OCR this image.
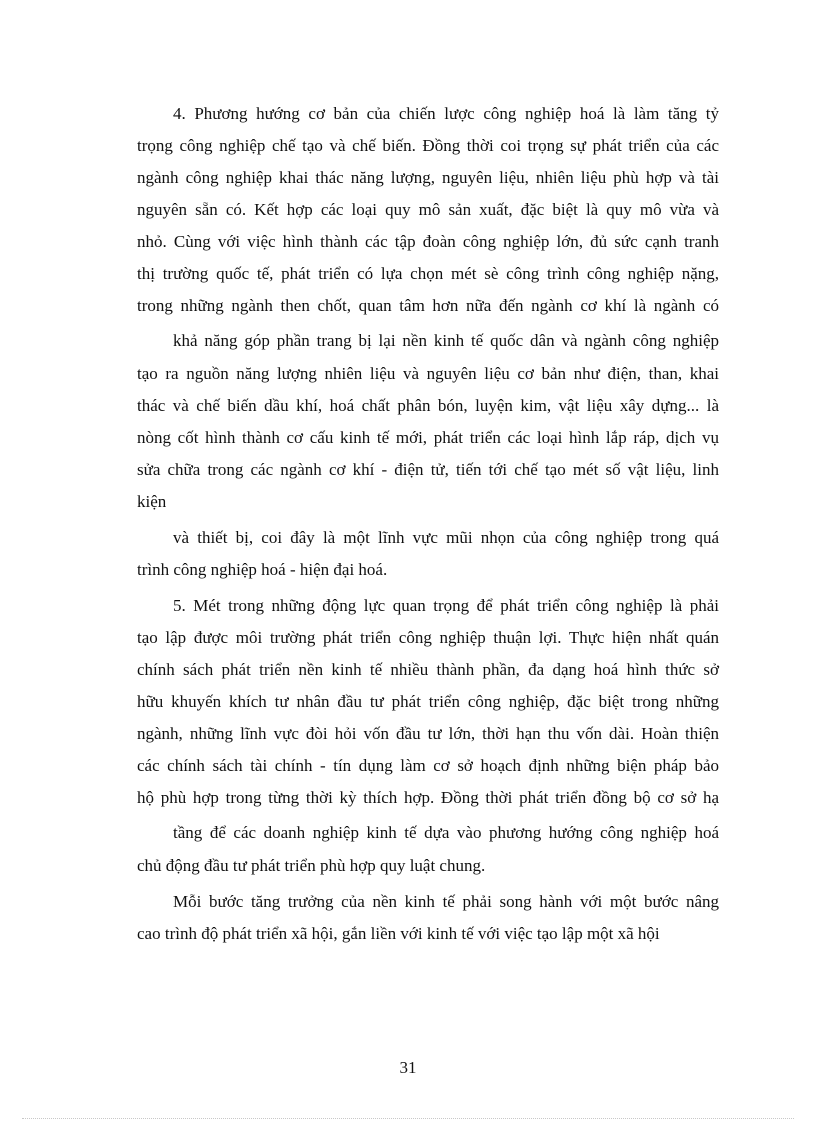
4. Phương hướng cơ bản của chiến lược công nghiệp hoá là làm tăng tỷ
trọng công nghiệp chế tạo và chế biến. Đồng thời coi trọng sự phát triển của các
ngành công nghiệp khai thác năng lượng, nguyên liệu, nhiên liệu phù hợp và tài
nguyên sẵn có. Kết hợp các loại quy mô sản xuất, đặc biệt là quy mô vừa và
nhỏ. Cùng với việc hình thành các tập đoàn công nghiệp lớn, đủ sức cạnh tranh
thị trường quốc tế, phát triển có lựa chọn mét sè công trình công nghiệp nặng,
trong những ngành then chốt, quan tâm hơn nữa đến ngành cơ khí là ngành có
khả năng góp phần trang bị lại nền kinh tế quốc dân và ngành công nghiệp
tạo ra nguồn năng lượng nhiên liệu và nguyên liệu cơ bản như điện, than, khai
thác và chế biến dầu khí, hoá chất phân bón, luyện kim, vật liệu xây dựng... là
nòng cốt hình thành cơ cấu kinh tế mới, phát triển các loại hình lắp ráp, dịch vụ
sửa chữa trong các ngành cơ khí - điện tử, tiến tới chế tạo mét số vật liệu, linh
kiện
và thiết bị, coi đây là một lĩnh vực mũi nhọn của công nghiệp trong quá
trình công nghiệp hoá - hiện đại hoá.
5. Mét trong những động lực quan trọng để phát triển công nghiệp là phải
tạo lập được môi trường phát triển công nghiệp thuận lợi. Thực hiện nhất quán
chính sách phát triển nền kinh tế nhiều thành phần, đa dạng hoá hình thức sở
hữu khuyến khích tư nhân đầu tư phát triển công nghiệp, đặc biệt trong những
ngành, những lĩnh vực đòi hỏi vốn đầu tư lớn, thời hạn thu vốn dài. Hoàn thiện
các chính sách tài chính - tín dụng làm cơ sở hoạch định những biện pháp bảo
hộ phù hợp trong từng thời kỳ thích hợp. Đồng thời phát triển đồng bộ cơ sở hạ
tầng để các doanh nghiệp kinh tế dựa vào phương hướng công nghiệp hoá
chủ động đầu tư phát triển phù hợp quy luật chung.
Mỗi bước tăng trưởng của nền kinh tế phải song hành với một bước nâng
cao trình độ phát triển xã hội, gắn liền với kinh tế với việc tạo lập một xã hội
31
